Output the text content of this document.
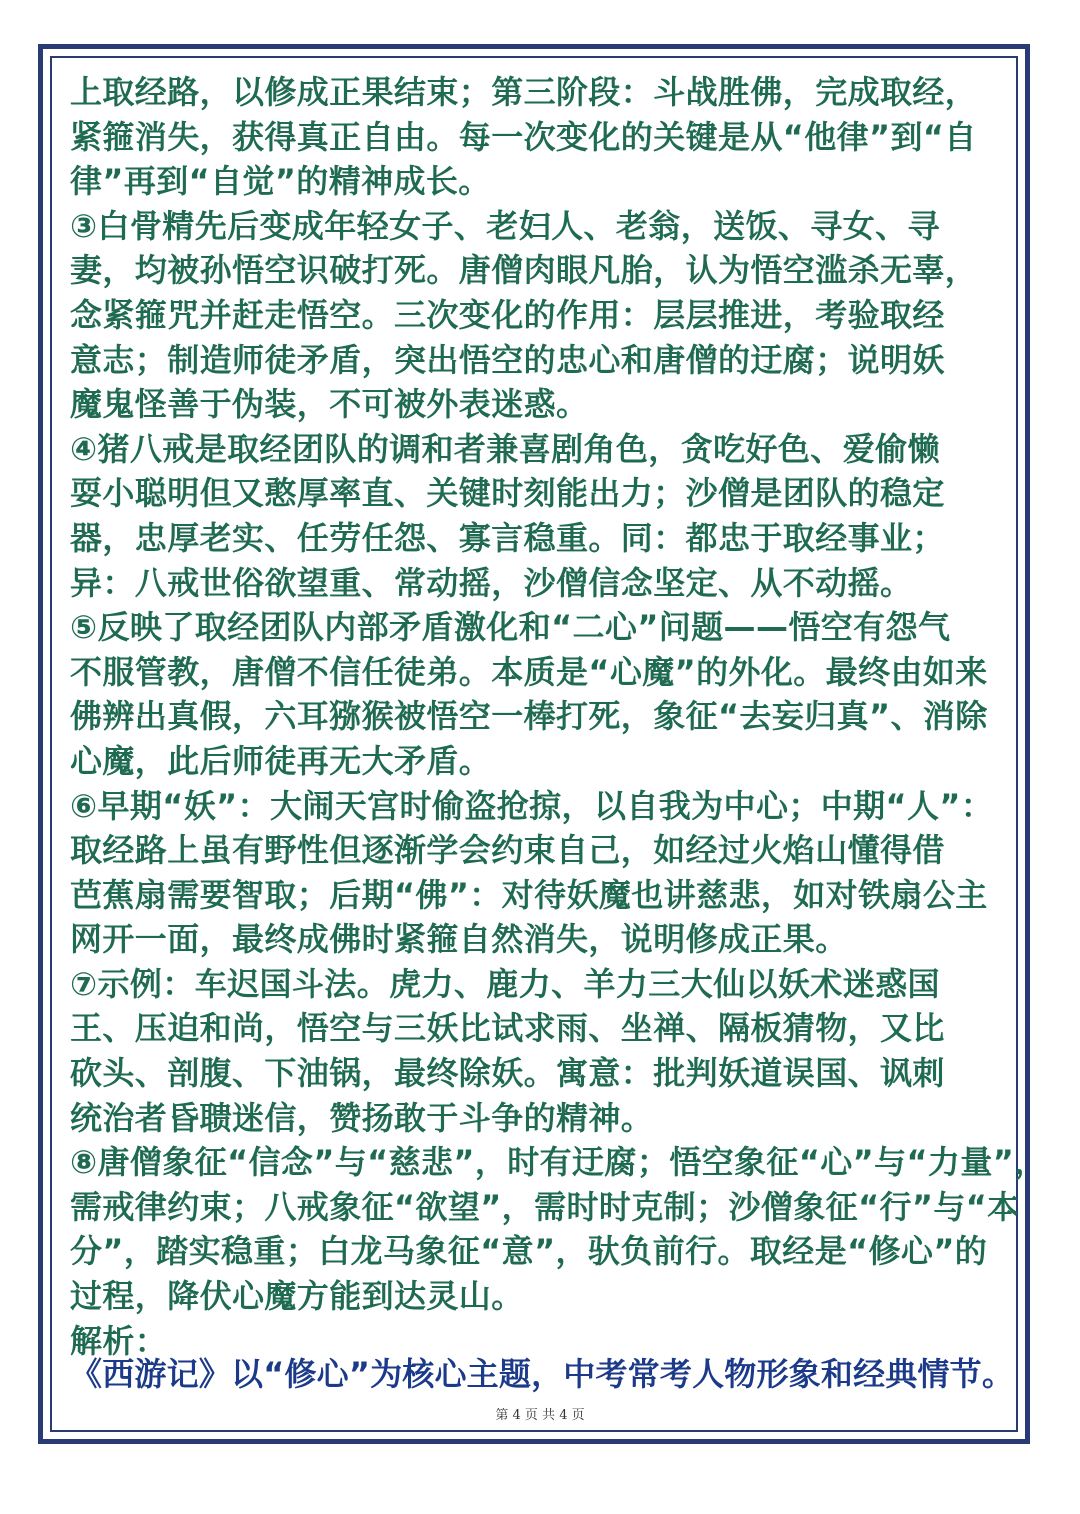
上取经路，以修成正果结束；第三阶段：斗战胜佛，完成取经，
紧箍消失，获得真正自由。每一次变化的关键是从“他律”到“自
律”再到“自觉”的精神成长。
③白骨精先后变成年轻女子、老妇人、老翁，送饭、寻女、寻
妻，均被孙悟空识破打死。唐僧肉眼凡胎，认为悟空滥杀无辜，
念紧箍咒并赶走悟空。三次变化的作用：层层推进，考验取经
意志；制造师徒矛盾，突出悟空的忠心和唐僧的迂腐；说明妖
魔鬼怪善于伪装，不可被外表迷惑。
④猪八戒是取经团队的调和者兼喜剧角色，贪吃好色、爱偷懒
耍小聪明但又憨厚率直、关键时刻能出力；沙僧是团队的稳定
器，忠厚老实、任劳任怨、寡言稳重。同：都忠于取经事业；
异：八戒世俗欲望重、常动摇，沙僧信念坚定、从不动摇。
⑤反映了取经团队内部矛盾激化和“二心”问题——悟空有怨气
不服管教，唐僧不信任徒弟。本质是“心魔”的外化。最终由如来
佛辨出真假，六耳猕猴被悟空一棒打死，象征“去妄归真”、消除
心魔，此后师徒再无大矛盾。
⑥早期“妖”：大闹天宫时偷盗抢掠，以自我为中心；中期“人”：
取经路上虽有野性但逐渐学会约束自己，如经过火焰山懂得借
芭蕉扇需要智取；后期“佛”：对待妖魔也讲慈悲，如对铁扇公主
网开一面，最终成佛时紧箍自然消失，说明修成正果。
⑦示例：车迟国斗法。虎力、鹿力、羊力三大仙以妖术迷惑国
王、压迫和尚，悟空与三妖比试求雨、坐禅、隔板猜物，又比
砍头、剖腹、下油锅，最终除妖。寓意：批判妖道误国、讽刺
统治者昏聩迷信，赞扬敢于斗争的精神。
⑧唐僧象征“信念”与“慈悲”，时有迂腐；悟空象征“心”与“力量”，
需戒律约束；八戒象征“欲望”，需时时克制；沙僧象征“行”与“本
分”，踏实稳重；白龙马象征“意”，驮负前行。取经是“修心”的
过程，降伏心魔方能到达灵山。
解析：
《西游记》以“修心”为核心主题，中考常考人物形象和经典情节。
第 4 页 共 4 页
